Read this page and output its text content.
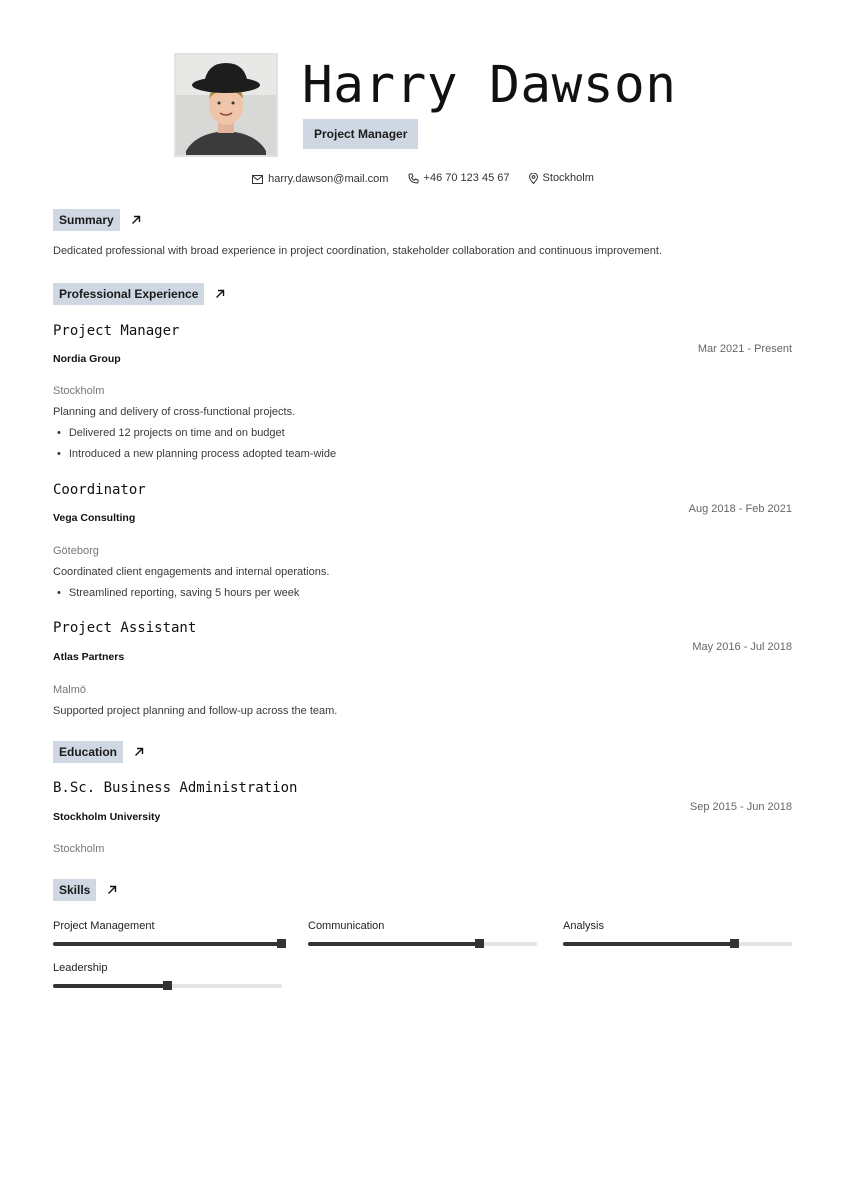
Harry Dawson
Project Manager
harry.dawson@mail.com
	+46 70 123 45 67
	Stockholm
Summary
Dedicated professional with broad experience in project coordination, stakeholder collaboration and continuous improvement.
Professional Experience
Project Manager
Mar 2021 - Present
Nordia Group
Stockholm
Planning and delivery of cross-functional projects.
• Delivered 12 projects on time and on budget
• Introduced a new planning process adopted team-wide
Coordinator
Aug 2018 - Feb 2021
Vega Consulting
Göteborg
Coordinated client engagements and internal operations.
• Streamlined reporting, saving 5 hours per week
Project Assistant
May 2016 - Jul 2018
Atlas Partners
Malmö
Supported project planning and follow-up across the team.
Education
B.Sc. Business Administration
Sep 2015 - Jun 2018
Stockholm University
Stockholm
Skills
Project Management	Communication	Analysis
Leadership
